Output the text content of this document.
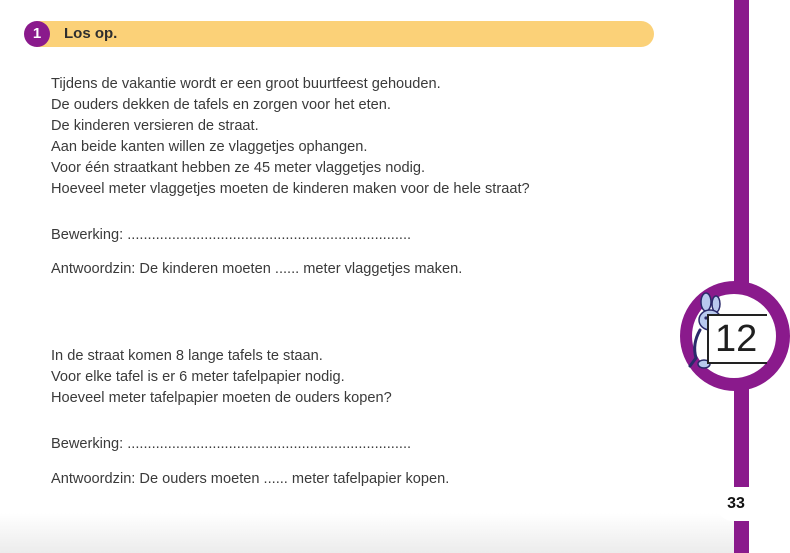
1	Los op.

Tijdens de vakantie wordt er een groot buurtfeest gehouden.

De ouders dekken de tafels en zorgen voor het eten.

De kinderen versieren de straat.

Aan beide kanten willen ze vlaggetjes ophangen.

Voor één straatkant hebben ze 45 meter vlaggetjes nodig.

Hoeveel meter vlaggetjes moeten de kinderen maken voor de hele straat?

Bewerking: ......................................................................
Antwoordzin: De kinderen moeten ...... meter vlaggetjes maken.

In de straat komen 8 lange tafels te staan.

Voor elke tafel is er 6 meter tafelpapier nodig.

Hoeveel meter tafelpapier moeten de ouders kopen?

Bewerking: ......................................................................
Antwoordzin: De ouders moeten ...... meter tafelpapier kopen.
12
33
